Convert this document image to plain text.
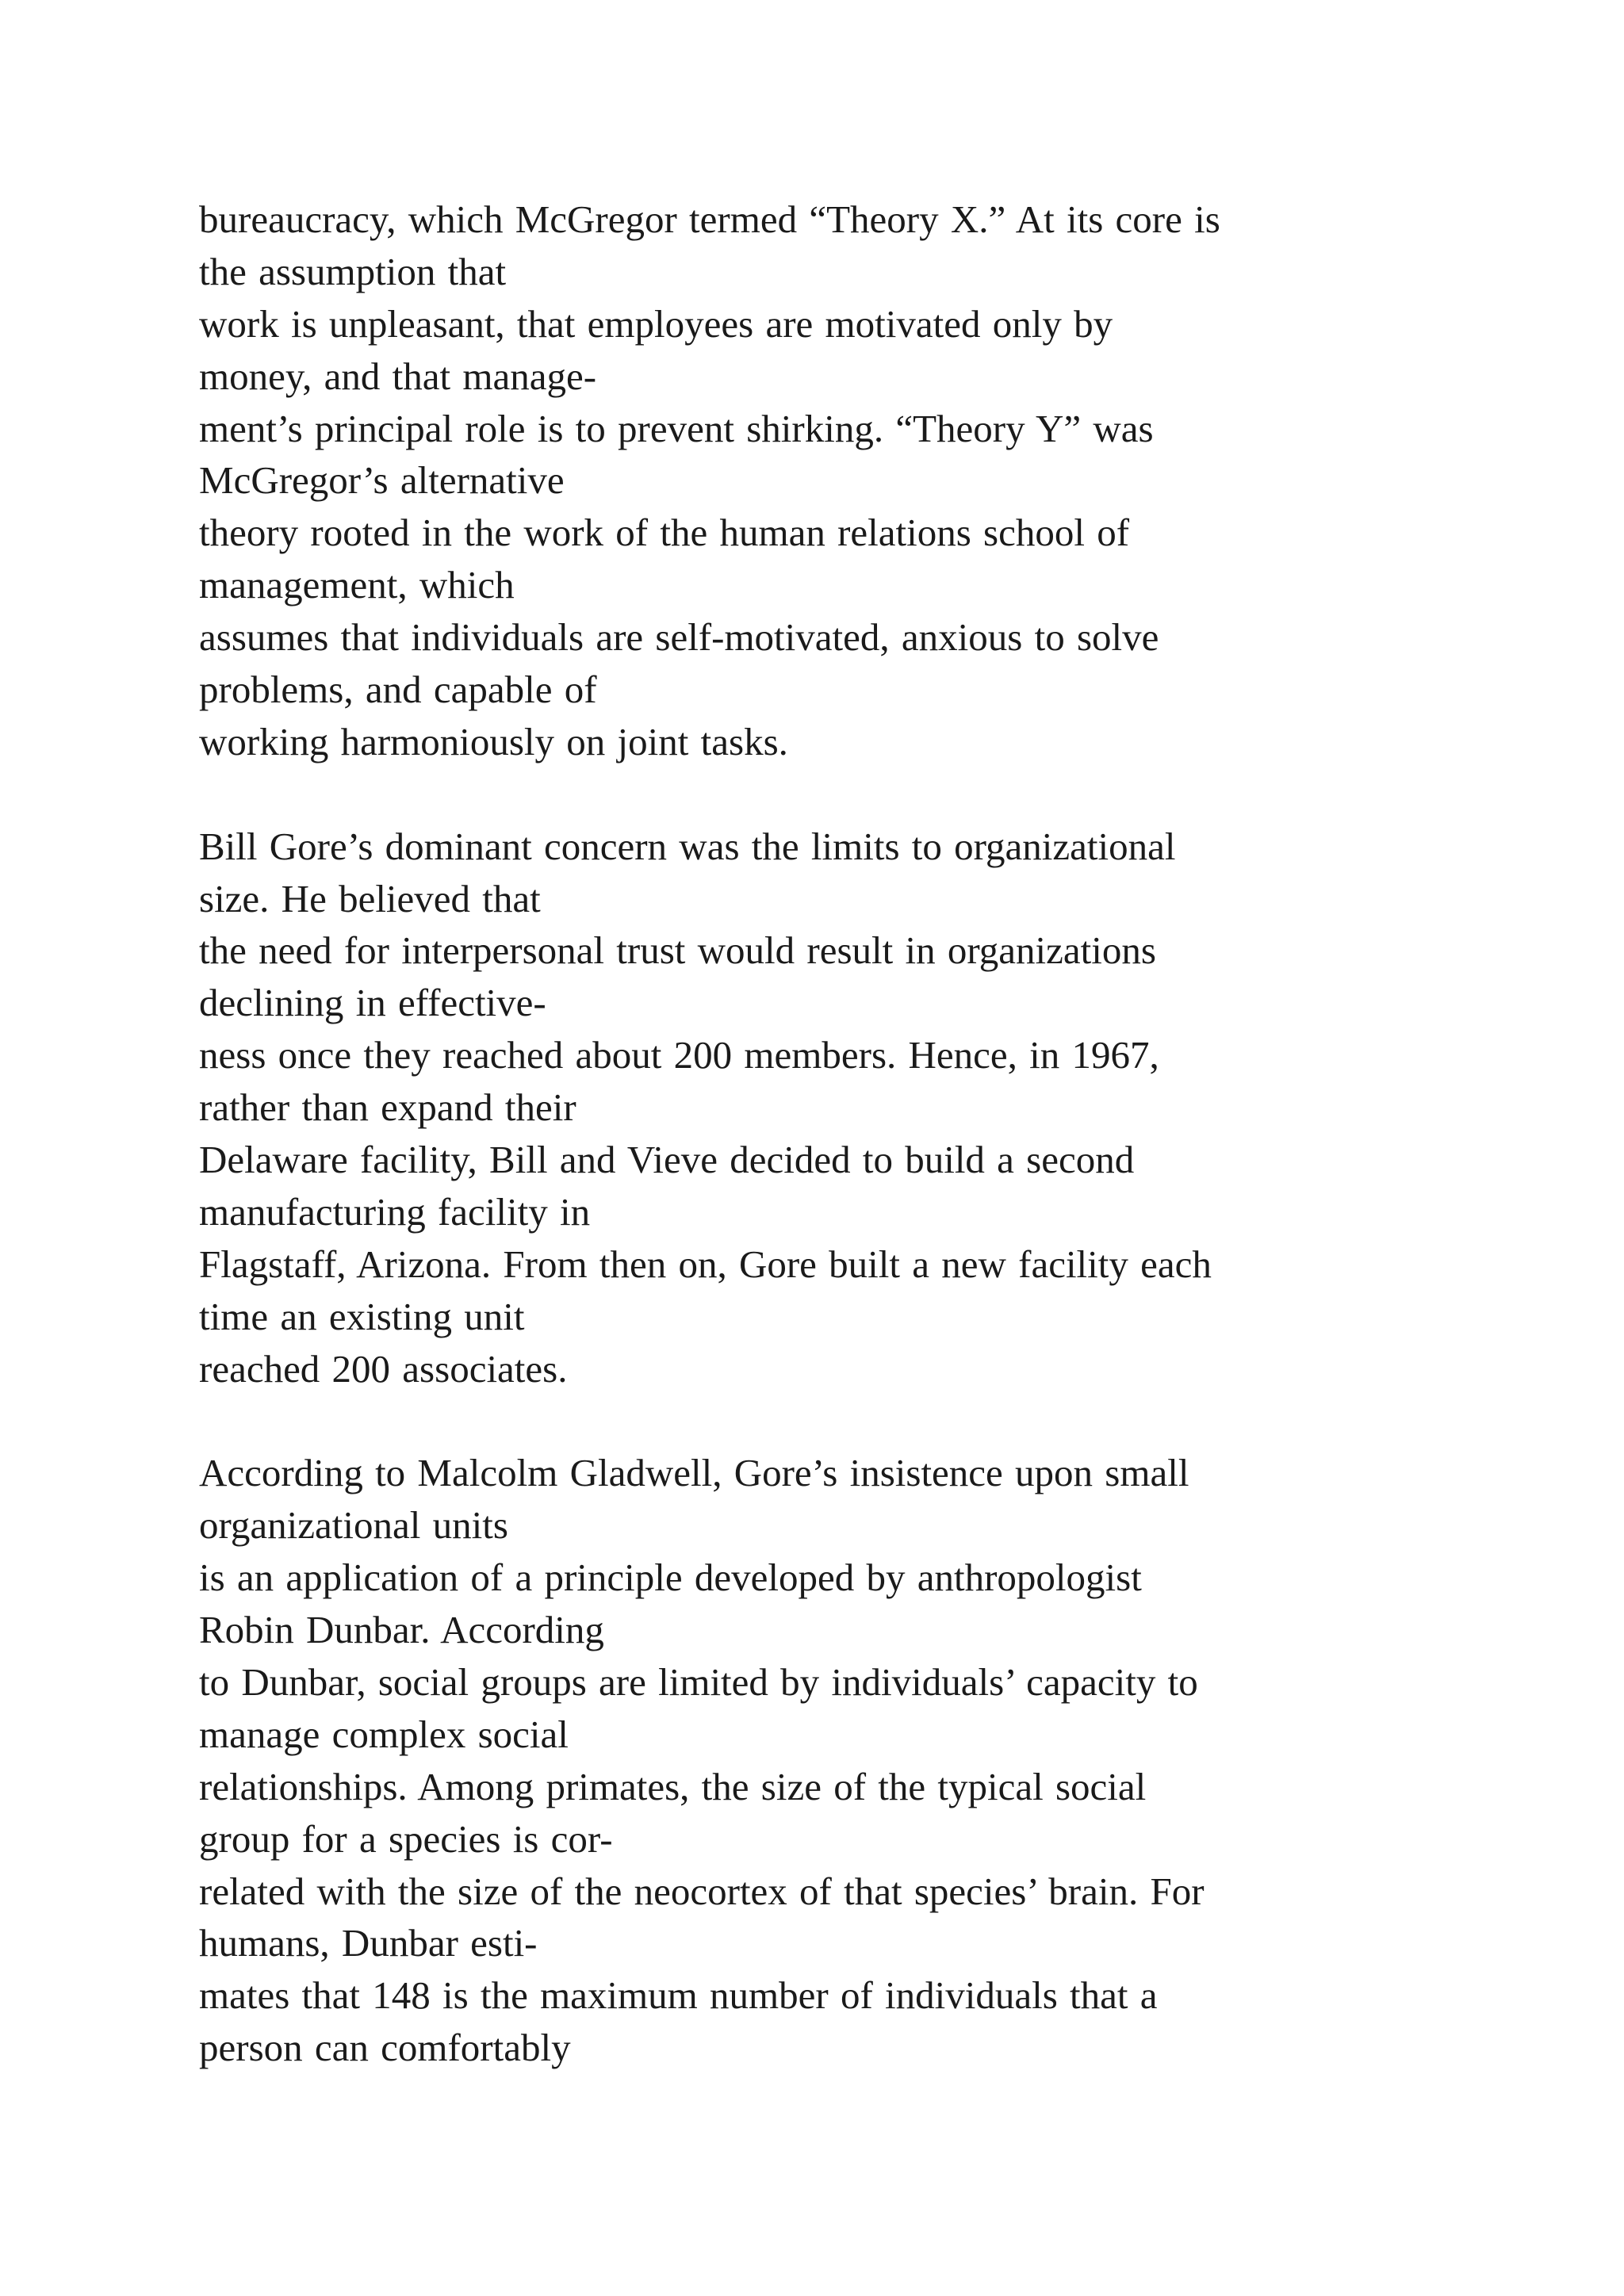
bureaucracy, which McGregor termed “Theory X.” At its core is
the assumption that
work is unpleasant, that employees are motivated only by
money, and that manage-
ment’s principal role is to prevent shirking. “Theory Y” was
McGregor’s alternative
theory rooted in the work of the human relations school of
management, which
assumes that individuals are self-motivated, anxious to solve
problems, and capable of
working harmoniously on joint tasks.
Bill Gore’s dominant concern was the limits to organizational
size. He believed that
the need for interpersonal trust would result in organizations
declining in effective-
ness once they reached about 200 members. Hence, in 1967,
rather than expand their
Delaware facility, Bill and Vieve decided to build a second
manufacturing facility in
Flagstaff, Arizona. From then on, Gore built a new facility each
time an existing unit
reached 200 associates.
According to Malcolm Gladwell, Gore’s insistence upon small
organizational units
is an application of a principle developed by anthropologist
Robin Dunbar. According
to Dunbar, social groups are limited by individuals’ capacity to
manage complex social
relationships. Among primates, the size of the typical social
group for a species is cor-
related with the size of the neocortex of that species’ brain. For
humans, Dunbar esti-
mates that 148 is the maximum number of individuals that a
person can comfortably
